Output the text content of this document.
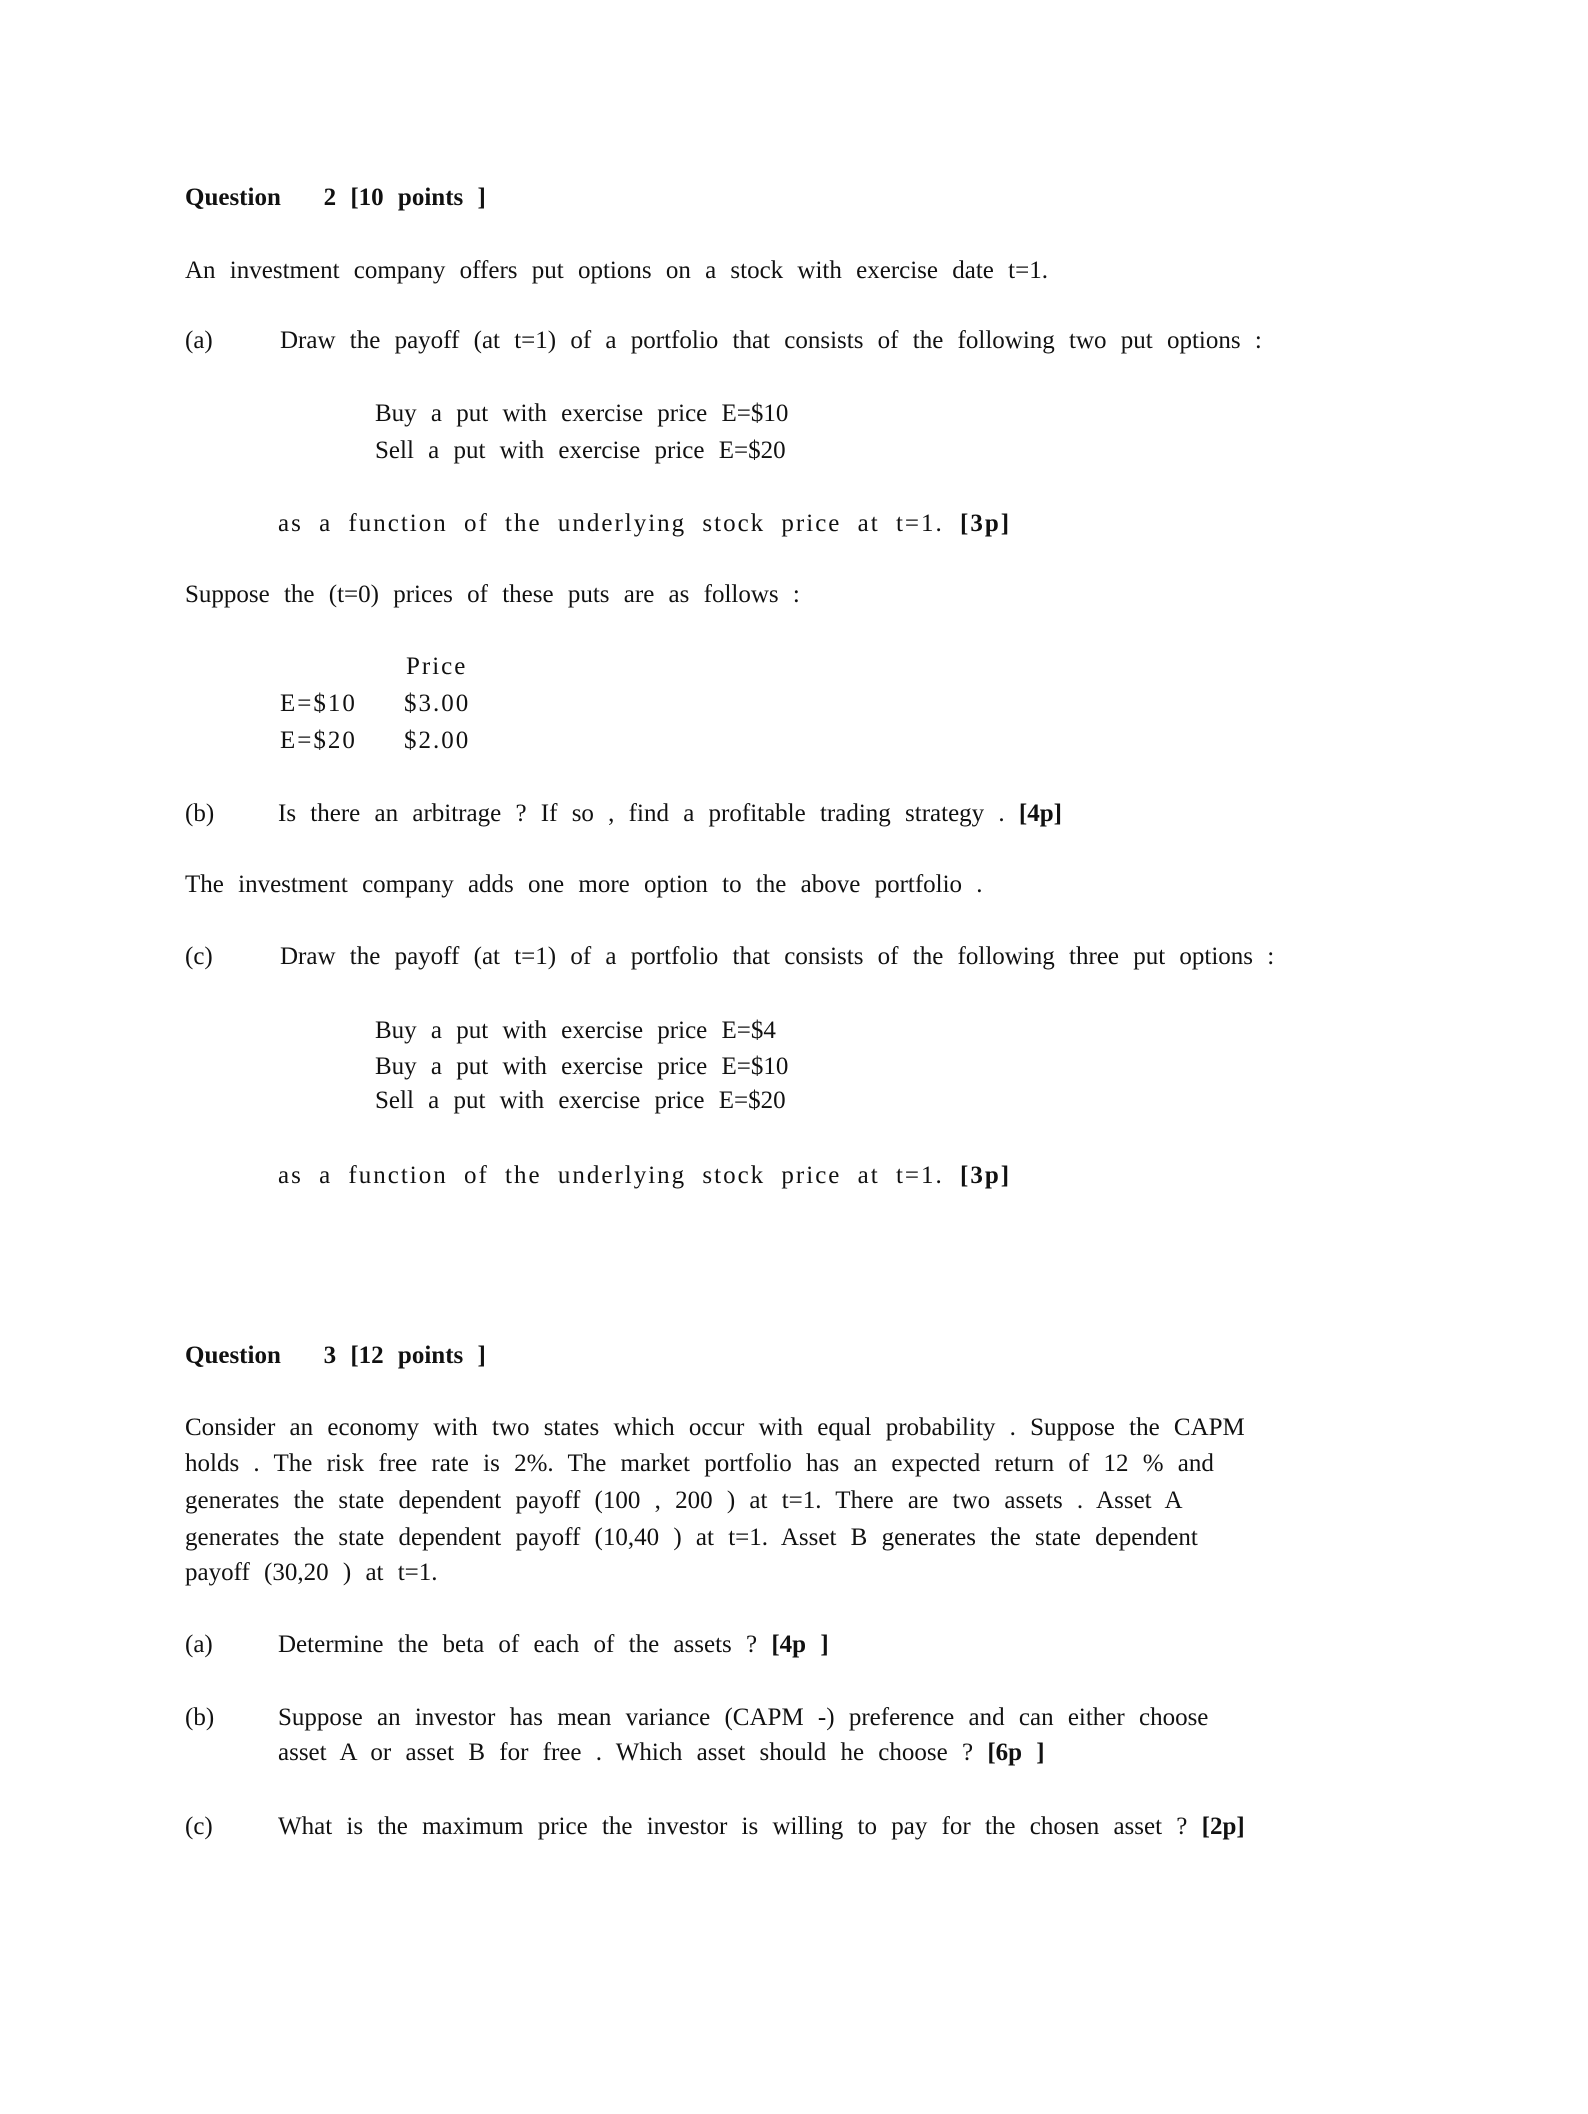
Question 2 [10 points ]
An investment company offers put options on a stock with exercise date t=1.
(a)	Draw the payoff (at t=1) of a portfolio that consists of the following two put options :
Buy a put with exercise price E=$10
Sell a put with exercise price E=$20
as a function of the underlying stock price at t=1. [3p]
Suppose the (t=0) prices of these puts are as follows :
Price
E=$10 $3.00
E=$20 $2.00
(b)	Is there an arbitrage ? If so , find a profitable trading strategy . [4p]
The investment company adds one more option to the above portfolio .
(c)	Draw the payoff (at t=1) of a portfolio that consists of the following three put options :
Buy a put with exercise price E=$4
Buy a put with exercise price E=$10
Sell a put with exercise price E=$20
as a function of the underlying stock price at t=1. [3p]
Question 3 [12 points ]
Consider an economy with two states which occur with equal probability . Suppose the CAPM
holds . The risk free rate is 2%. The market portfolio has an expected return of 12 % and
generates the state dependent payoff (100 , 200 ) at t=1. There are two assets . Asset A
generates the state dependent payoff (10,40 ) at t=1. Asset B generates the state dependent
payoff (30,20 ) at t=1.
(a)	Determine the beta of each of the assets ? [4p ]
(b)	Suppose an investor has mean variance (CAPM -) preference and can either choose
asset A or asset B for free . Which asset should he choose ? [6p ]
(c)	What is the maximum price the investor is willing to pay for the chosen asset ? [2p]
